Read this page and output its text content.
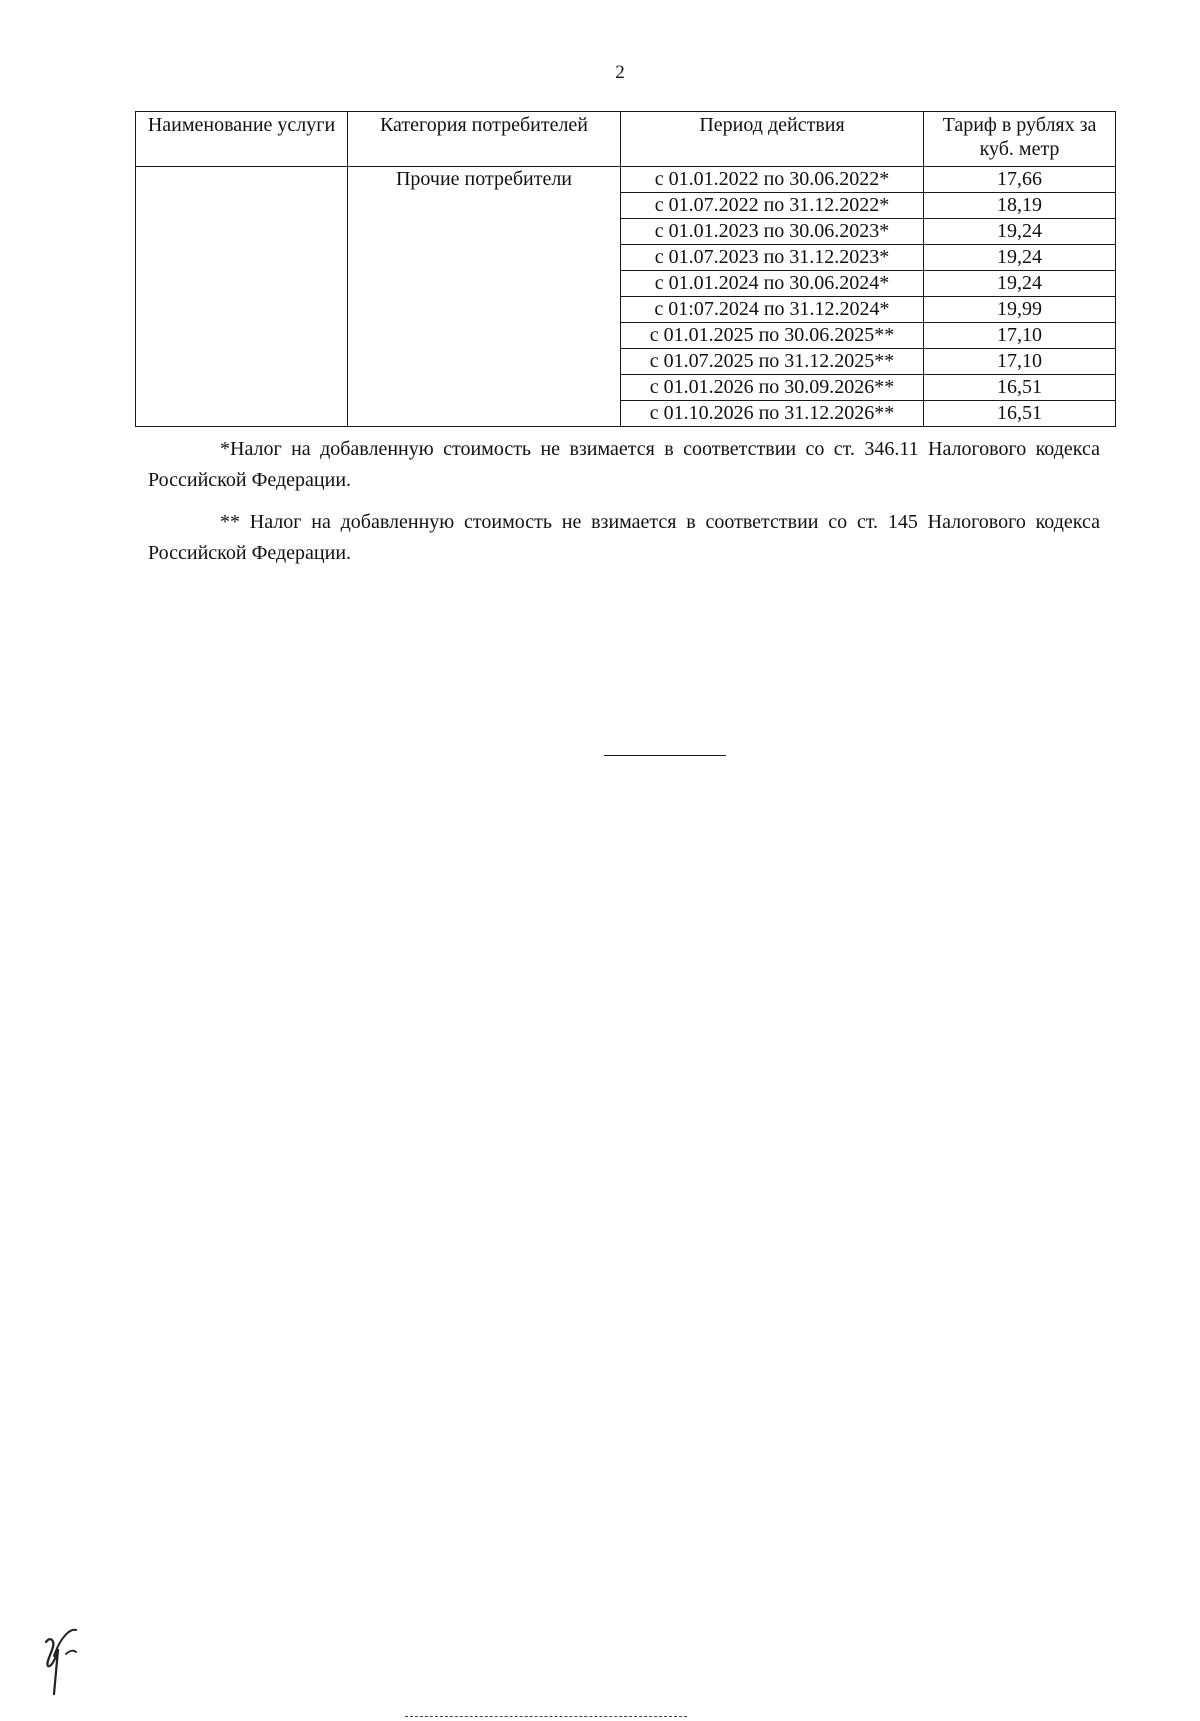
2
Наименование услуги	Категория потребителей	Период действия	Тариф в рублях за куб. метр
	Прочие потребители	с 01.01.2022 по 30.06.2022*	17,66
		с 01.07.2022 по 31.12.2022*	18,19
		с 01.01.2023 по 30.06.2023*	19,24
		с 01.07.2023 по 31.12.2023*	19,24
		с 01.01.2024 по 30.06.2024*	19,24
		с 01:07.2024 по 31.12.2024*	19,99
		с 01.01.2025 по 30.06.2025**	17,10
		с 01.07.2025 по 31.12.2025**	17,10
		с 01.01.2026 по 30.09.2026**	16,51
		с 01.10.2026 по 31.12.2026**	16,51

*Налог на добавленную стоимость не взимается в соответствии со ст. 346.11 Налогового кодекса Российской Федерации.

** Налог на добавленную стоимость не взимается в соответствии со ст. 145 Налогового кодекса Российской Федерации.
